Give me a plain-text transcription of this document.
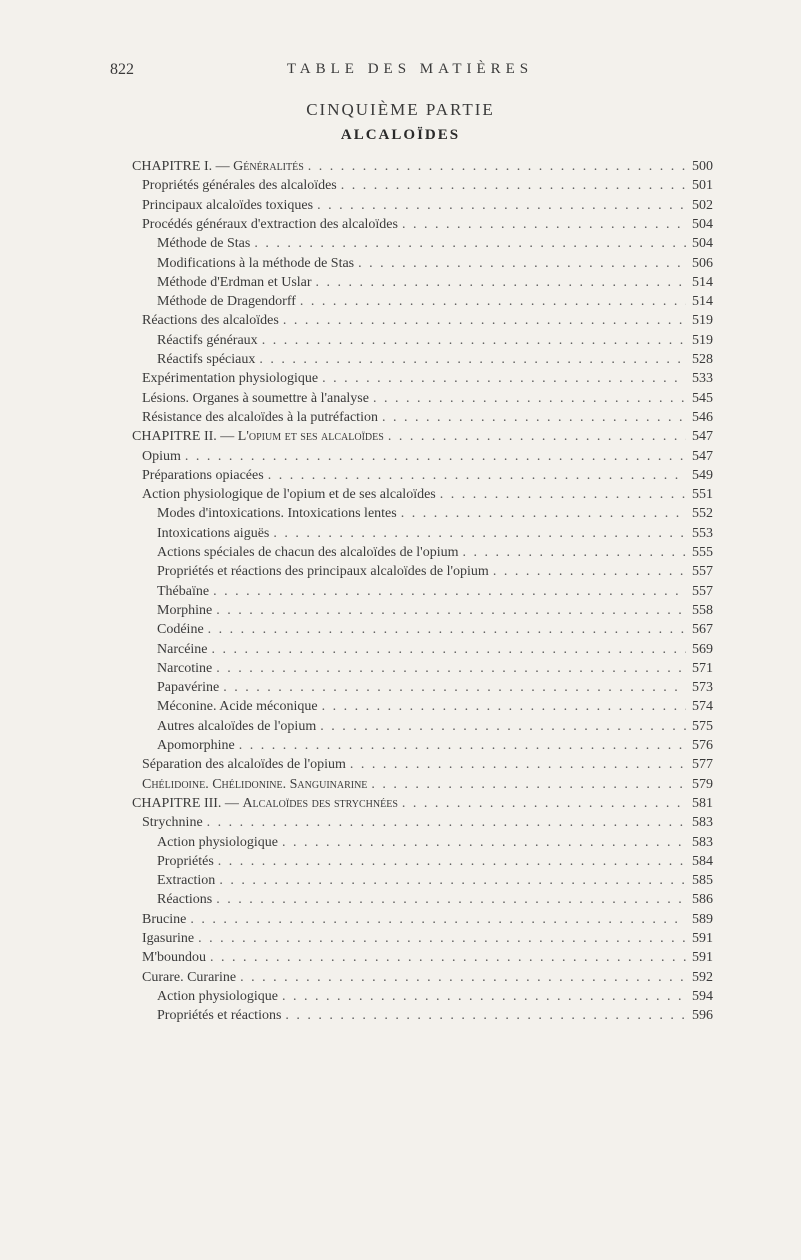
822	TABLE DES MATIÈRES
CINQUIÈME PARTIE
ALCALOÏDES
CHAPITRE I. — Généralités . . .	500
Propriétés générales des alcaloïdes . . .	501
Principaux alcaloïdes toxiques . . .	502
Procédés généraux d'extraction des alcaloïdes . . .	504
Méthode de Stas . . .	504
Modifications à la méthode de Stas . . .	506
Méthode d'Erdman et Uslar . . .	514
Méthode de Dragendorff . . .	514
Réactions des alcaloïdes . . .	519
Réactifs généraux . . .	519
Réactifs spéciaux . . .	528
Expérimentation physiologique . . .	533
Lésions. Organes à soumettre à l'analyse . . .	545
Résistance des alcaloïdes à la putréfaction . . .	546
CHAPITRE II. — L'opium et ses alcaloïdes . . .	547
Opium . . .	547
Préparations opiacées . . .	549
Action physiologique de l'opium et de ses alcaloïdes . . .	551
Modes d'intoxications. Intoxications lentes . . .	552
Intoxications aiguës . . .	553
Actions spéciales de chacun des alcaloïdes de l'opium . . .	555
Propriétés et réactions des principaux alcaloïdes de l'opium . . .	557
Thébaïne . . .	557
Morphine . . .	558
Codéine . . .	567
Narcéine . . .	569
Narcotine . . .	571
Papavérine . . .	573
Méconine. Acide méconique . . .	574
Autres alcaloïdes de l'opium . . .	575
Apomorphine . . .	576
Séparation des alcaloïdes de l'opium . . .	577
Chélidoine. Chélidonine. Sanguinarine . . .	579
CHAPITRE III. — Alcaloïdes des strychnées . . .	581
Strychnine . . .	583
Action physiologique . . .	583
Propriétés . . .	584
Extraction . . .	585
Réactions . . .	586
Brucine . . .	589
Igasurine . . .	591
M'boundou . . .	591
Curare. Curarine . . .	592
Action physiologique . . .	594
Propriétés et réactions . . .	596
